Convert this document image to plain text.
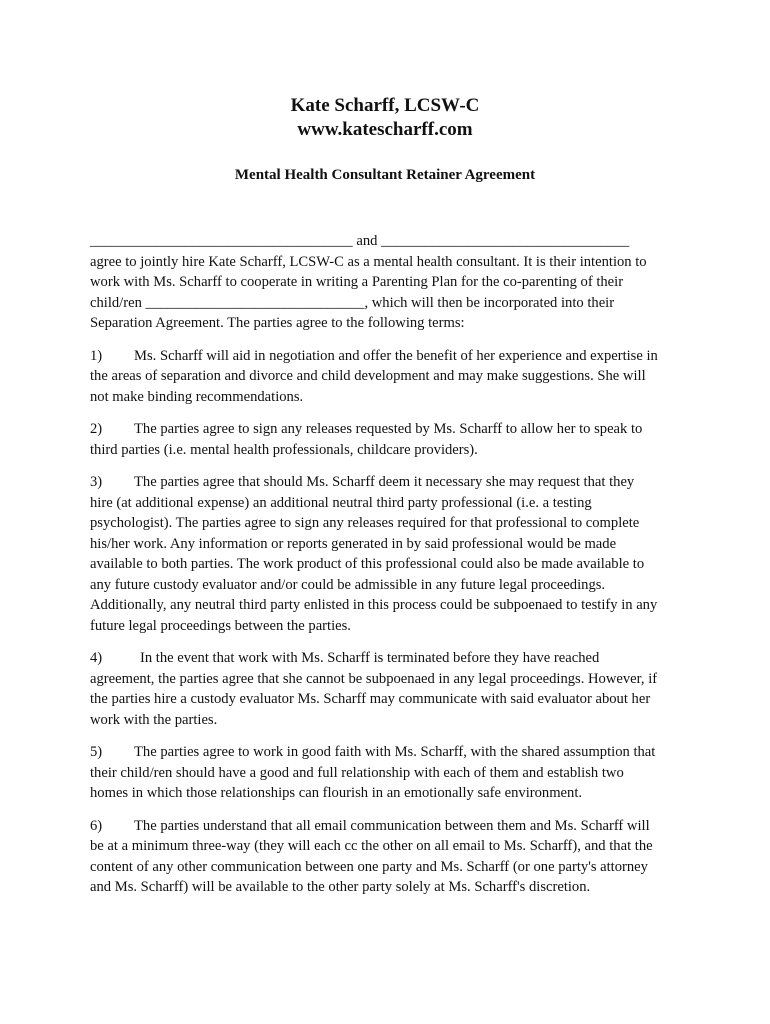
Kate Scharff, LCSW-C
www.katescharff.com
Mental Health Consultant Retainer Agreement
____________________________________ and __________________________________
agree to jointly hire Kate Scharff, LCSW-C as a mental health consultant. It is their intention to
work with Ms. Scharff to cooperate in writing a Parenting Plan for the co-parenting of their
child/ren ______________________________, which will then be incorporated into their
Separation Agreement. The parties agree to the following terms:
1) Ms. Scharff will aid in negotiation and offer the benefit of her experience and expertise in
the areas of separation and divorce and child development and may make suggestions. She will
not make binding recommendations.
2) The parties agree to sign any releases requested by Ms. Scharff to allow her to speak to
third parties (i.e. mental health professionals, childcare providers).
3) The parties agree that should Ms. Scharff deem it necessary she may request that they
hire (at additional expense) an additional neutral third party professional (i.e. a testing
psychologist). The parties agree to sign any releases required for that professional to complete
his/her work. Any information or reports generated in by said professional would be made
available to both parties. The work product of this professional could also be made available to
any future custody evaluator and/or could be admissible in any future legal proceedings.
Additionally, any neutral third party enlisted in this process could be subpoenaed to testify in any
future legal proceedings between the parties.
4)	In the event that work with Ms. Scharff is terminated before they have reached
agreement, the parties agree that she cannot be subpoenaed in any legal proceedings. However, if
the parties hire a custody evaluator Ms. Scharff may communicate with said evaluator about her
work with the parties.
5) The parties agree to work in good faith with Ms. Scharff, with the shared assumption that
their child/ren should have a good and full relationship with each of them and establish two
homes in which those relationships can flourish in an emotionally safe environment.
6) The parties understand that all email communication between them and Ms. Scharff will
be at a minimum three-way (they will each cc the other on all email to Ms. Scharff), and that the
content of any other communication between one party and Ms. Scharff (or one party's attorney
and Ms. Scharff) will be available to the other party solely at Ms. Scharff's discretion.
